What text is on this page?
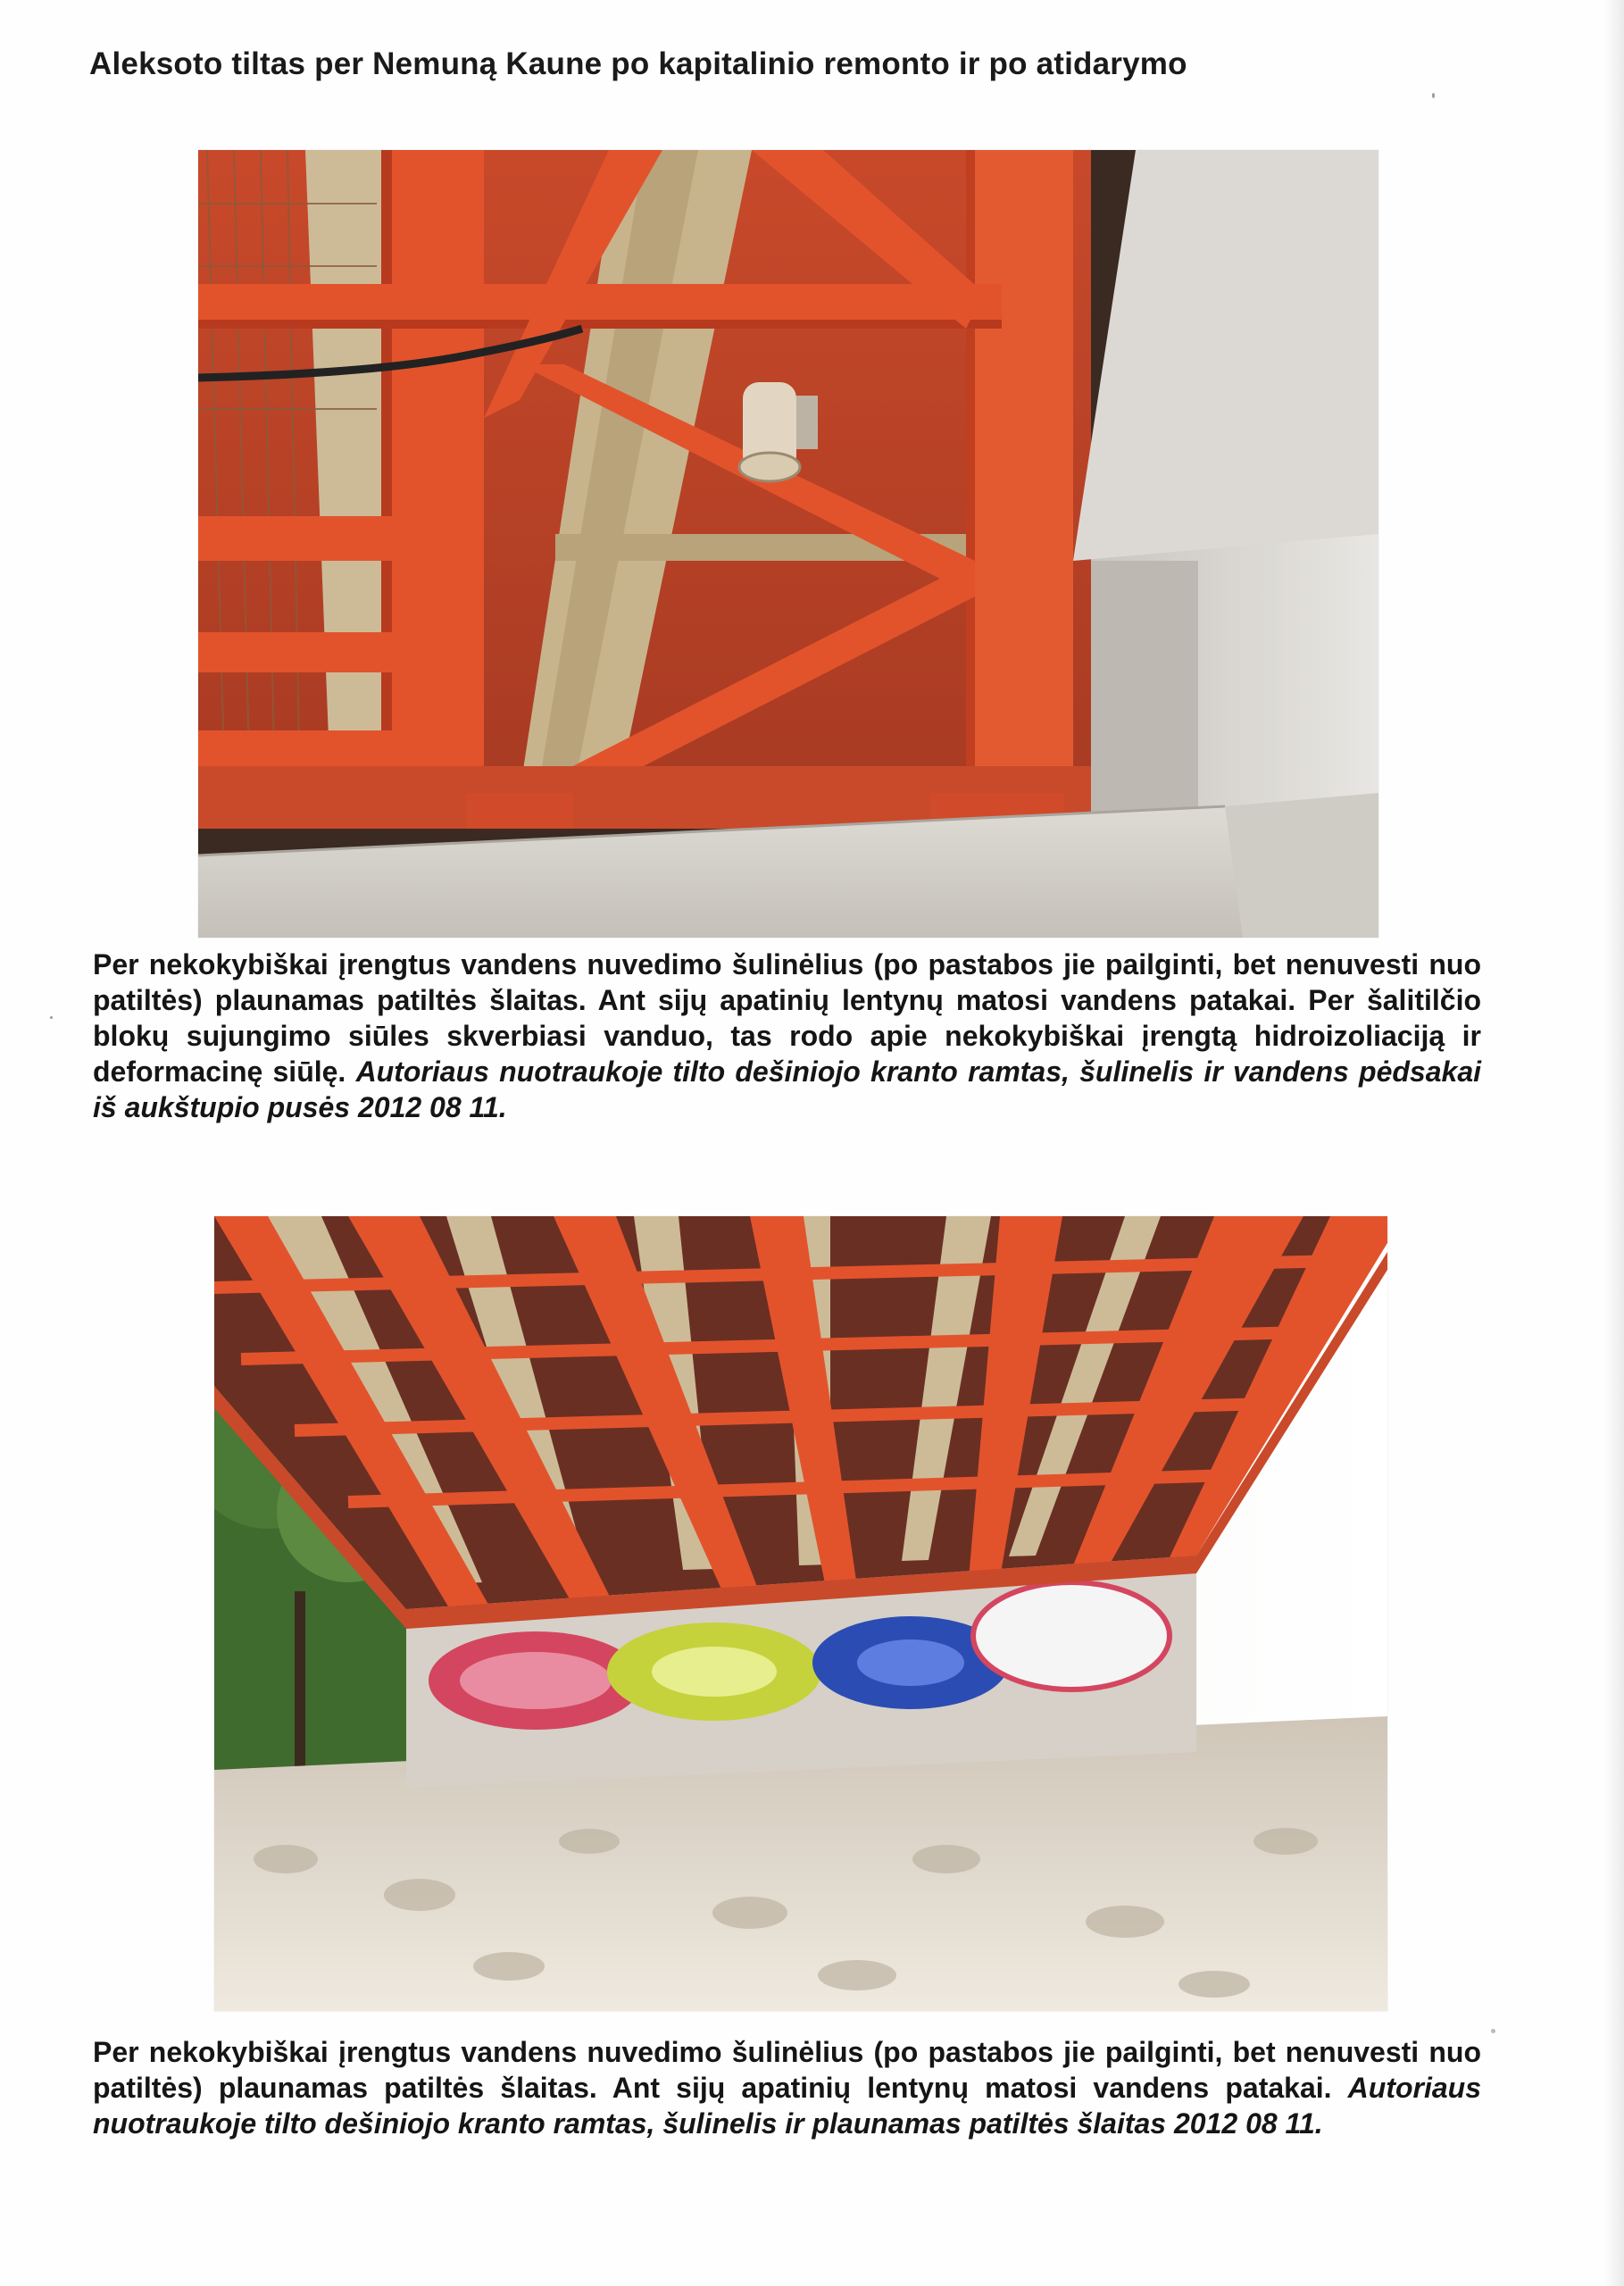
Aleksoto tiltas per Nemuną Kaune po kapitalinio remonto ir po atidarymo
Per nekokybiškai įrengtus vandens nuvedimo šulinėlius (po pastabos jie pailginti, bet nenuvesti nuo patiltės) plaunamas patiltės šlaitas. Ant sijų apatinių lentynų matosi vandens patakai. Per šalitilčio blokų sujungimo siūles skverbiasi vanduo, tas rodo apie nekokybiškai įrengtą hidroizoliaciją ir deformacinę siūlę. Autoriaus nuotraukoje tilto dešiniojo kranto ramtas, šulinelis ir vandens pėdsakai iš aukštupio pusės 2012 08 11.
Per nekokybiškai įrengtus vandens nuvedimo šulinėlius (po pastabos jie pailginti, bet nenuvesti nuo patiltės) plaunamas patiltės šlaitas. Ant sijų apatinių lentynų matosi vandens patakai. Autoriaus nuotraukoje tilto dešiniojo kranto ramtas, šulinelis ir plaunamas patiltės šlaitas 2012 08 11.
